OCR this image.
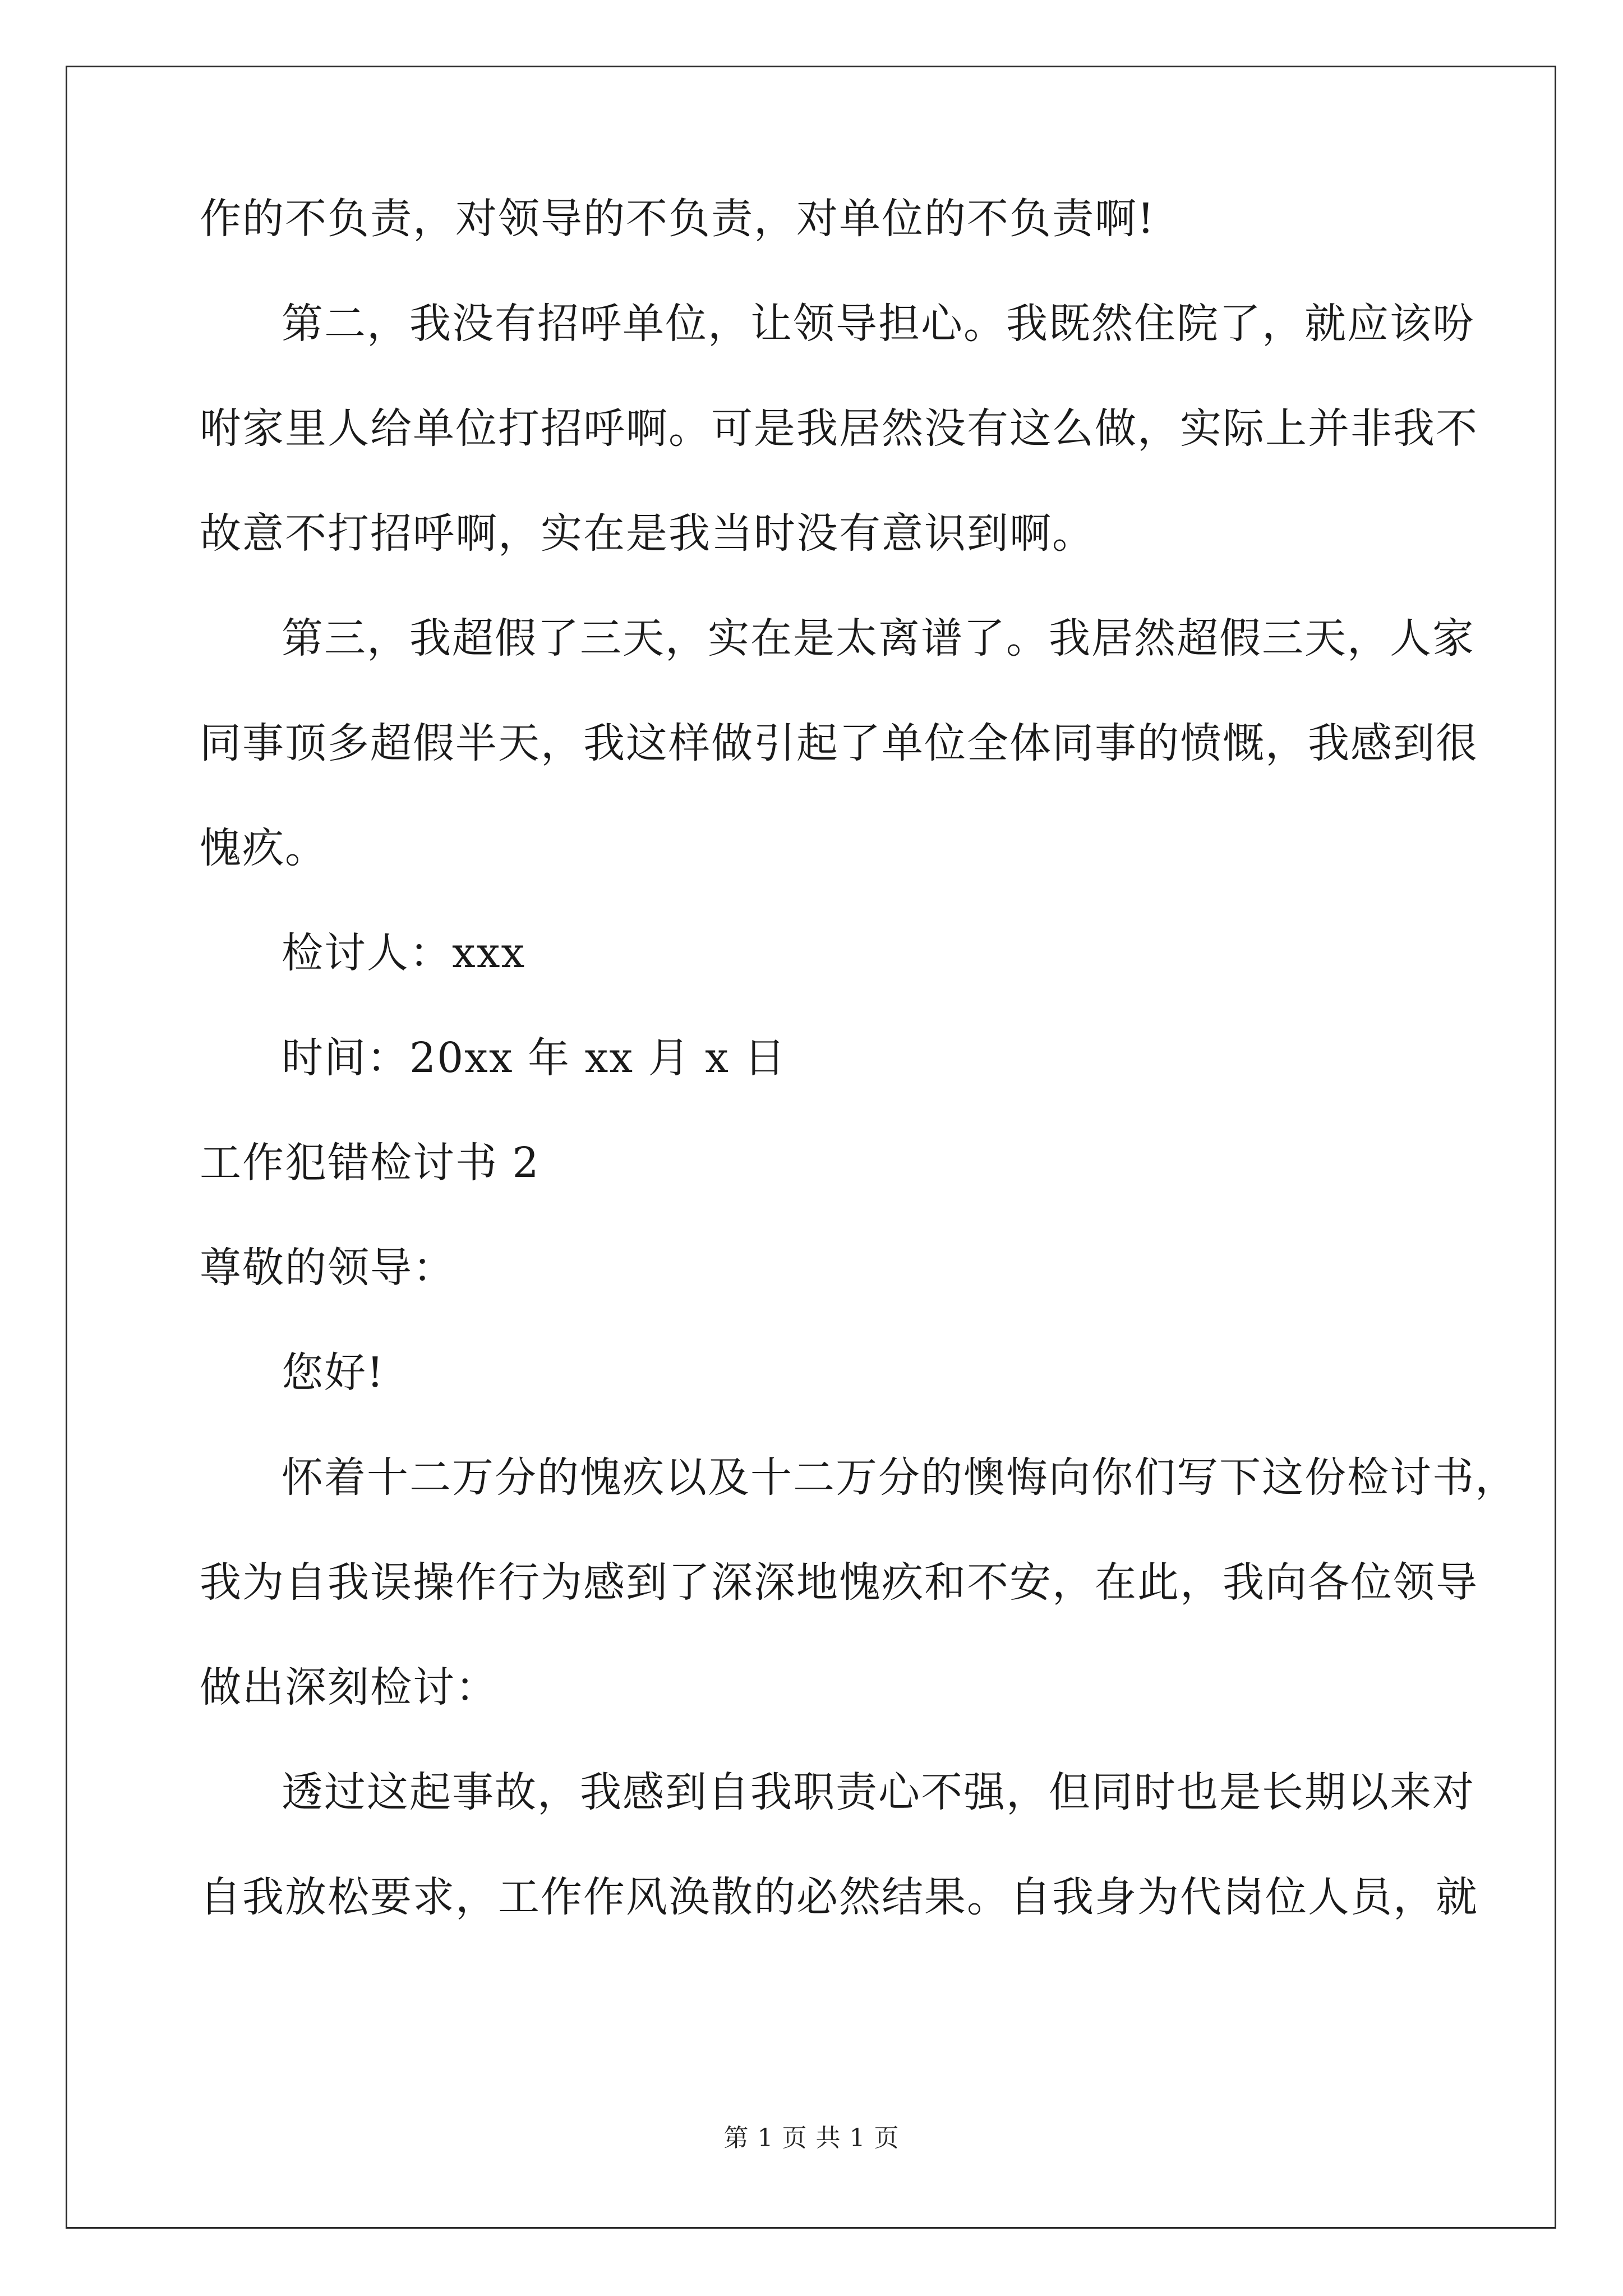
作的不负责，对领导的不负责，对单位的不负责啊!
第二，我没有招呼单位，让领导担心。我既然住院了，就应该吩
咐家里人给单位打招呼啊。可是我居然没有这么做，实际上并非我不
故意不打招呼啊，实在是我当时没有意识到啊。
第三，我超假了三天，实在是太离谱了。我居然超假三天，人家
同事顶多超假半天，我这样做引起了单位全体同事的愤慨，我感到很
愧疚。
检讨人：xxx
时间：20xx 年 xx 月 x 日
工作犯错检讨书 2
尊敬的领导：
您好!
怀着十二万分的愧疚以及十二万分的懊悔向你们写下这份检讨书，
我为自我误操作行为感到了深深地愧疚和不安，在此，我向各位领导
做出深刻检讨：
透过这起事故，我感到自我职责心不强，但同时也是长期以来对
自我放松要求，工作作风涣散的必然结果。自我身为代岗位人员，就
第 1 页 共 1 页
